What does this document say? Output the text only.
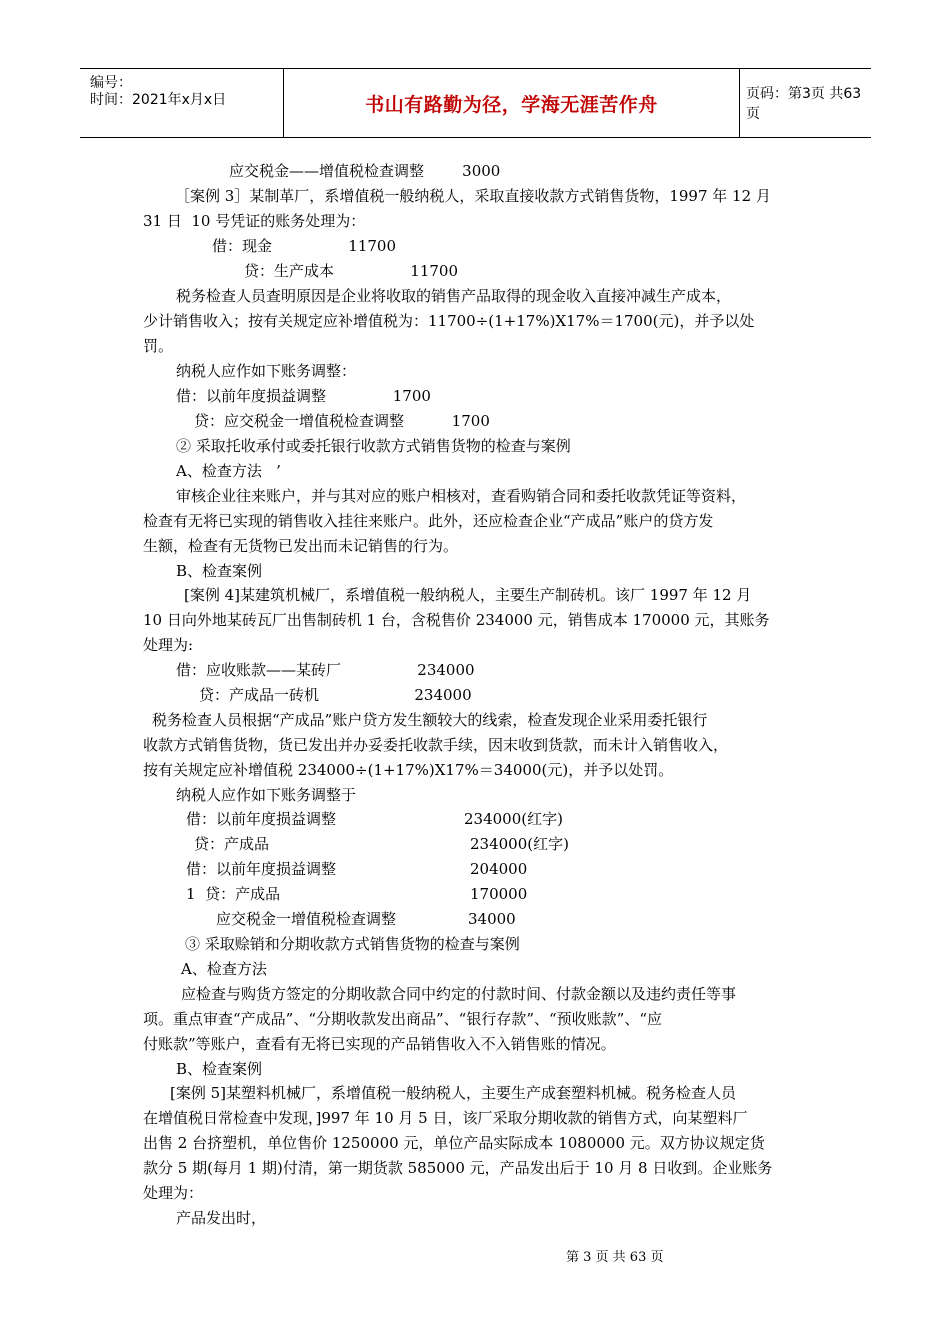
编号：
时间：2021年x月x日	书山有路勤为径，学海无涯苦作舟	页码：第3页 共63页
应交税金——增值税检查调整        3000
［案例 3］某制革厂，系增值税一般纳税人，采取直接收款方式销售货物，1997 年 12 月
31 日  10 号凭证的账务处理为：
借：现金                11700
贷：生产成本                11700
税务检查人员查明原因是企业将收取的销售产品取得的现金收入直接冲减生产成本，
少计销售收入；按有关规定应补增值税为：11700÷(1+17%)X17%＝1700(元)，并予以处
罚。
纳税人应作如下账务调整：
借：以前年度损益调整              1700
贷：应交税金一增值税检查调整          1700
② 采取托收承付或委托银行收款方式销售货物的检查与案例
A、检查方法   ’
审核企业往来账户，并与其对应的账户相核对，查看购销合同和委托收款凭证等资料，
检查有无将已实现的销售收入挂往来账户。此外，还应检查企业“产成品”账户的贷方发
生额，检查有无货物已发出而未记销售的行为。
B、检查案例
[案例 4]某建筑机械厂，系增值税一般纳税人，主要生产制砖机。该厂 1997 年 12 月
10 日向外地某砖瓦厂出售制砖机 1 台，含税售价 234000 元，销售成本 170000 元，其账务
处理为:
借：应收账款——某砖厂                234000
贷：产成品一砖机                    234000
税务检查人员根据“产成品”账户贷方发生额较大的线索，检查发现企业采用委托银行
收款方式销售货物，货已发出并办妥委托收款手续，因末收到货款，而未计入销售收入，
按有关规定应补增值税 234000÷(1+17%)X17%＝34000(元)，并予以处罚。
纳税人应作如下账务调整于
借：以前年度损益调整	234000(红字)
贷：产成品	234000(红字)
借：以前年度损益调整	204000
1  贷：产成品	170000
应交税金一增值税检查调整	34000
③ 采取赊销和分期收款方式销售货物的检查与案例
A、检查方法
应检查与购货方签定的分期收款合同中约定的付款时间、付款金额以及违约责任等事
项。重点审查“产成品”、“分期收款发出商品”、“银行存款”、“预收账款”、“应
付账款”等账户，查看有无将已实现的产品销售收入不入销售账的情况。
B、检查案例
[案例 5]某塑料机械厂，系增值税一般纳税人，主要生产成套塑料机械。税务检查人员
在增值税日常检查中发现，]997 年 10 月 5 日，该厂采取分期收款的销售方式，向某塑料厂
出售 2 台挤塑机，单位售价 1250000 元，单位产品实际成本 1080000 元。双方协议规定货
款分 5 期(每月 1 期)付清，第一期货款 585000 元，产品发出后于 10 月 8 日收到。企业账务
处理为：
产品发出时，
第 3 页 共 63 页
